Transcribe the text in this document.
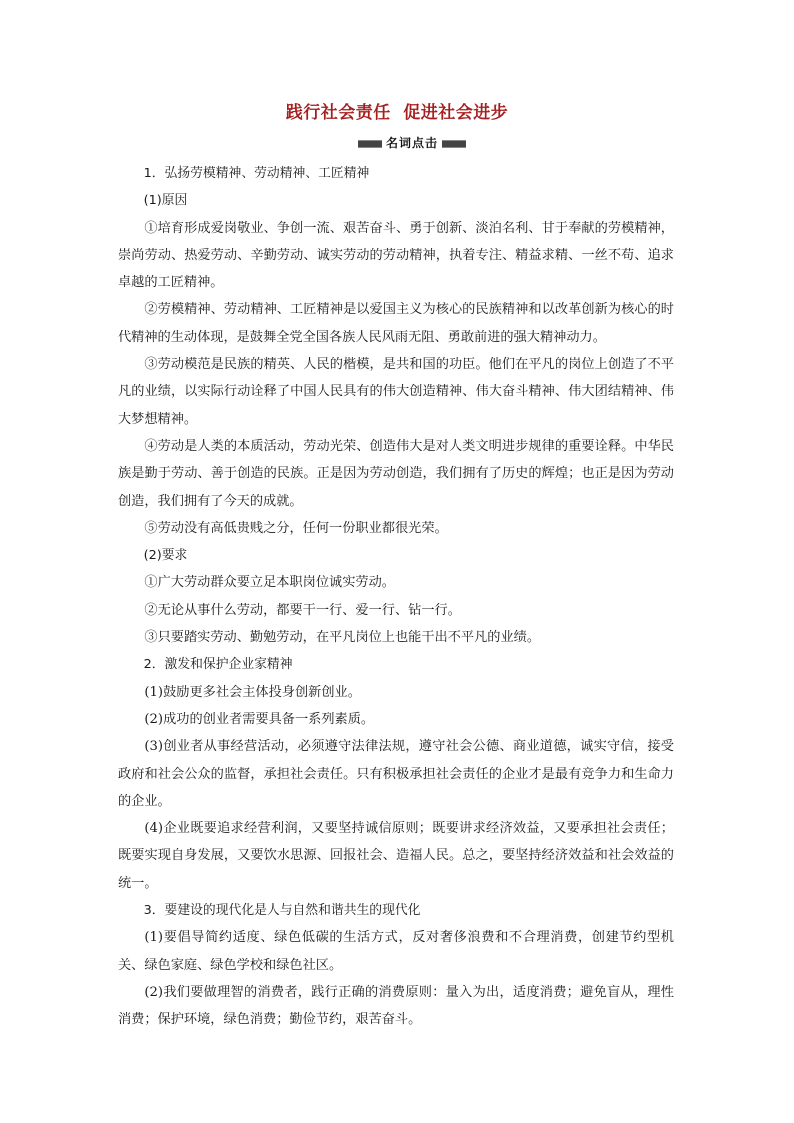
践行社会责任 促进社会进步
名词点击

1．弘扬劳模精神、劳动精神、工匠精神

(1)原因

①培育形成爱岗敬业、争创一流、艰苦奋斗、勇于创新、淡泊名利、甘于奉献的劳模精神，崇尚劳动、热爱劳动、辛勤劳动、诚实劳动的劳动精神，执着专注、精益求精、一丝不苟、追求卓越的工匠精神。

②劳模精神、劳动精神、工匠精神是以爱国主义为核心的民族精神和以改革创新为核心的时代精神的生动体现，是鼓舞全党全国各族人民风雨无阻、勇敢前进的强大精神动力。

③劳动模范是民族的精英、人民的楷模，是共和国的功臣。他们在平凡的岗位上创造了不平凡的业绩，以实际行动诠释了中国人民具有的伟大创造精神、伟大奋斗精神、伟大团结精神、伟大梦想精神。

④劳动是人类的本质活动，劳动光荣、创造伟大是对人类文明进步规律的重要诠释。中华民族是勤于劳动、善于创造的民族。正是因为劳动创造，我们拥有了历史的辉煌；也正是因为劳动创造，我们拥有了今天的成就。

⑤劳动没有高低贵贱之分，任何一份职业都很光荣。

(2)要求

①广大劳动群众要立足本职岗位诚实劳动。

②无论从事什么劳动，都要干一行、爱一行、钻一行。

③只要踏实劳动、勤勉劳动，在平凡岗位上也能干出不平凡的业绩。

2．激发和保护企业家精神

(1)鼓励更多社会主体投身创新创业。

(2)成功的创业者需要具备一系列素质。

(3)创业者从事经营活动，必须遵守法律法规，遵守社会公德、商业道德，诚实守信，接受政府和社会公众的监督，承担社会责任。只有积极承担社会责任的企业才是最有竞争力和生命力的企业。

(4)企业既要追求经营利润，又要坚持诚信原则；既要讲求经济效益，又要承担社会责任；既要实现自身发展，又要饮水思源、回报社会、造福人民。总之，要坚持经济效益和社会效益的统一。

3．要建设的现代化是人与自然和谐共生的现代化

(1)要倡导简约适度、绿色低碳的生活方式，反对奢侈浪费和不合理消费，创建节约型机关、绿色家庭、绿色学校和绿色社区。

(2)我们要做理智的消费者，践行正确的消费原则：量入为出，适度消费；避免盲从，理性消费；保护环境，绿色消费；勤俭节约，艰苦奋斗。
